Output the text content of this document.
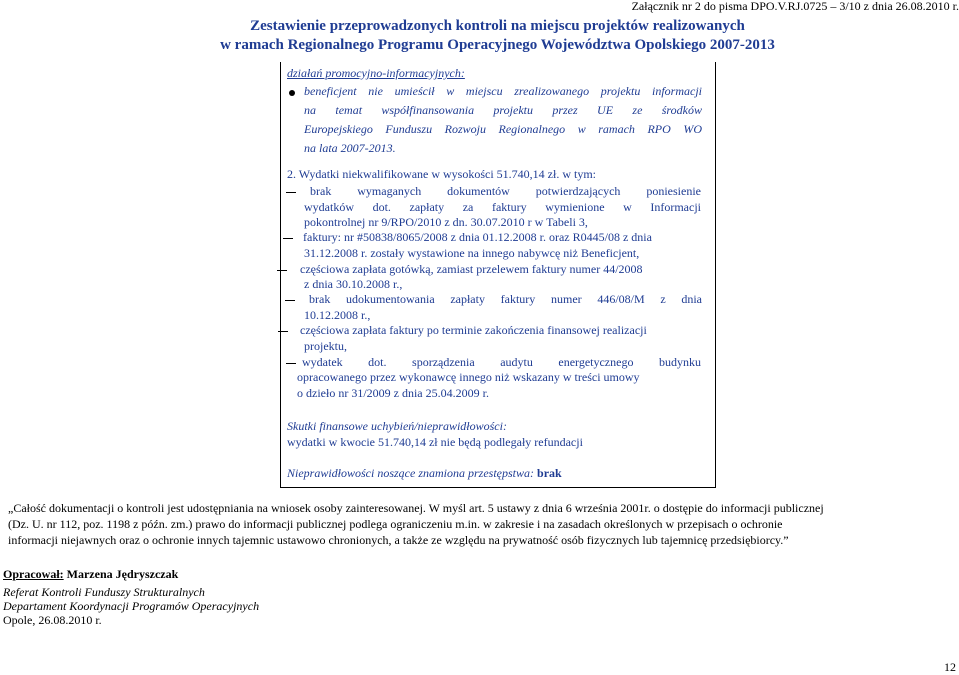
Załącznik nr 2 do pisma DPO.V.RJ.0725 – 3/10 z dnia 26.08.2010 r.
Zestawienie przeprowadzonych kontroli na miejscu projektów realizowanych
w ramach Regionalnego Programu Operacyjnego Województwa Opolskiego 2007-2013
działań promocyjno-informacyjnych:
beneficjent nie umieścił w miejscu zrealizowanego projektu informacji
na temat współfinansowania projektu przez UE ze środków
Europejskiego Funduszu Rozwoju Regionalnego w ramach RPO WO
na lata 2007-2013.
2. Wydatki niekwalifikowane w wysokości 51.740,14 zł. w tym:
brak wymaganych dokumentów potwierdzających poniesienie
wydatków dot. zapłaty za faktury wymienione w Informacji
pokontrolnej nr 9/RPO/2010 z dn. 30.07.2010 r w Tabeli 3,
faktury: nr #50838/8065/2008 z dnia 01.12.2008 r. oraz R0445/08 z dnia
31.12.2008 r. zostały wystawione na innego nabywcę niż Beneficjent,
częściowa zapłata gotówką, zamiast przelewem faktury numer 44/2008
z dnia 30.10.2008 r.,
brak udokumentowania zapłaty faktury numer 446/08/M z dnia
10.12.2008 r.,
częściowa zapłata faktury po terminie zakończenia finansowej realizacji
projektu,
wydatek dot. sporządzenia audytu energetycznego budynku
opracowanego przez wykonawcę innego niż wskazany w treści umowy
o dzieło nr 31/2009 z dnia 25.04.2009 r.
Skutki finansowe uchybień/nieprawidłowości:
wydatki w kwocie 51.740,14 zł nie będą podlegały refundacji
Nieprawidłowości noszące znamiona przestępstwa: brak
„Całość dokumentacji o kontroli jest udostępniania na wniosek osoby zainteresowanej. W myśl art. 5 ustawy z dnia 6 września 2001r. o dostępie do informacji publicznej
(Dz. U. nr 112, poz. 1198 z późn. zm.) prawo do informacji publicznej podlega ograniczeniu m.in. w zakresie i na zasadach określonych w przepisach o ochronie
informacji niejawnych oraz o ochronie innych tajemnic ustawowo chronionych, a także ze względu na prywatność osób fizycznych lub tajemnicę przedsiębiorcy.”
Opracował: Marzena Jędryszczak
Referat Kontroli Funduszy Strukturalnych
Departament Koordynacji Programów Operacyjnych
Opole, 26.08.2010 r.
12
